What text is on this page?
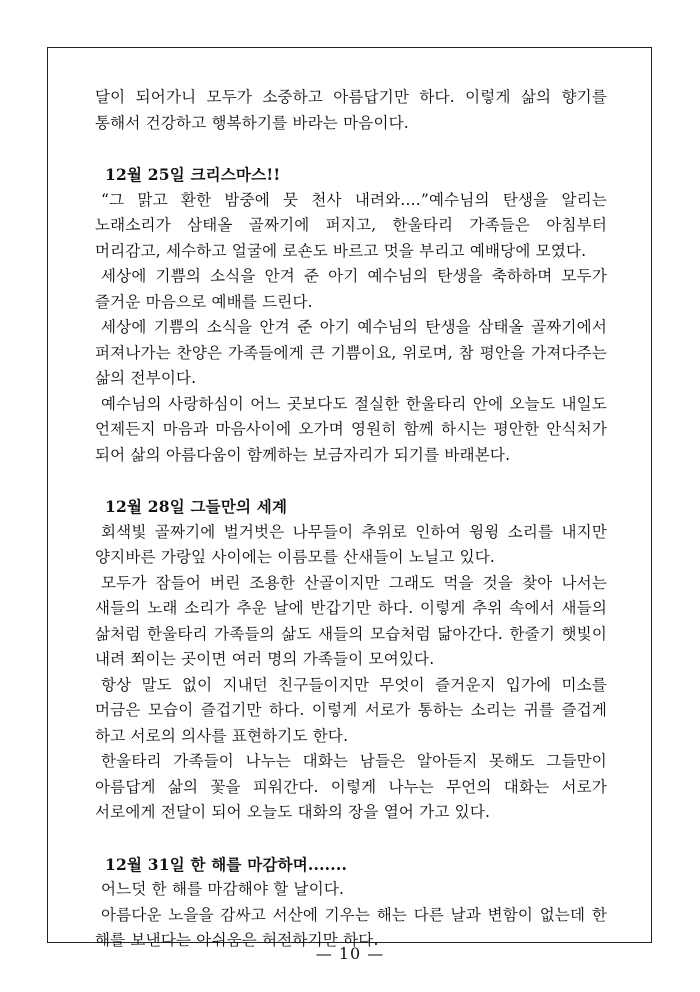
달이 되어가니 모두가 소중하고 아름답기만 하다. 이렇게 삶의 향기를 통해서 건강하고 행복하기를 바라는 마음이다.

12월 25일 크리스마스!!

“그 맑고 환한 밤중에 뭇 천사 내려와....”예수님의 탄생을 알리는 노래소리가 삼태올 골짜기에 퍼지고, 한울타리 가족들은 아침부터 머리감고, 세수하고 얼굴에 로숀도 바르고 멋을 부리고 예배당에 모였다.

세상에 기쁨의 소식을 안겨 준 아기 예수님의 탄생을 축하하며 모두가 즐거운 마음으로 예배를 드린다.

세상에 기쁨의 소식을 안겨 준 아기 예수님의 탄생을 삼태올 골짜기에서 퍼져나가는 찬양은 가족들에게 큰 기쁨이요, 위로며, 참 평안을 가져다주는 삶의 전부이다.

예수님의 사랑하심이 어느 곳보다도 절실한 한울타리 안에 오늘도 내일도 언제든지 마음과 마음사이에 오가며 영원히 함께 하시는 평안한 안식처가 되어 삶의 아름다움이 함께하는 보금자리가 되기를 바래본다.

12월 28일 그들만의 세계

회색빛 골짜기에 벌거벗은 나무들이 추위로 인하여 윙윙 소리를 내지만 양지바른 가랑잎 사이에는 이름모를 산새들이 노닐고 있다.

모두가 잠들어 버린 조용한 산골이지만 그래도 먹을 것을 찾아 나서는 새들의 노래 소리가 추운 날에 반갑기만 하다. 이렇게 추위 속에서 새들의 삶처럼 한울타리 가족들의 삶도 새들의 모습처럼 닮아간다. 한줄기 햇빛이 내려 쬐이는 곳이면 여러 명의 가족들이 모여있다.

항상 말도 없이 지내던 친구들이지만 무엇이 즐거운지 입가에 미소를 머금은 모습이 즐겁기만 하다. 이렇게 서로가 통하는 소리는 귀를 즐겁게 하고 서로의 의사를 표현하기도 한다.

한울타리 가족들이 나누는 대화는 남들은 알아듣지 못해도 그들만이 아름답게 삶의 꽃을 피워간다. 이렇게 나누는 무언의 대화는 서로가 서로에게 전달이 되어 오늘도 대화의 장을 열어 가고 있다.

12월 31일 한 해를 마감하며.......

어느덧 한 해를 마감해야 할 날이다.

아름다운 노을을 감싸고 서산에 기우는 해는 다른 날과 변함이 없는데 한 해를 보낸다는 아쉬움은 허전하기만 하다.

— 10 —
